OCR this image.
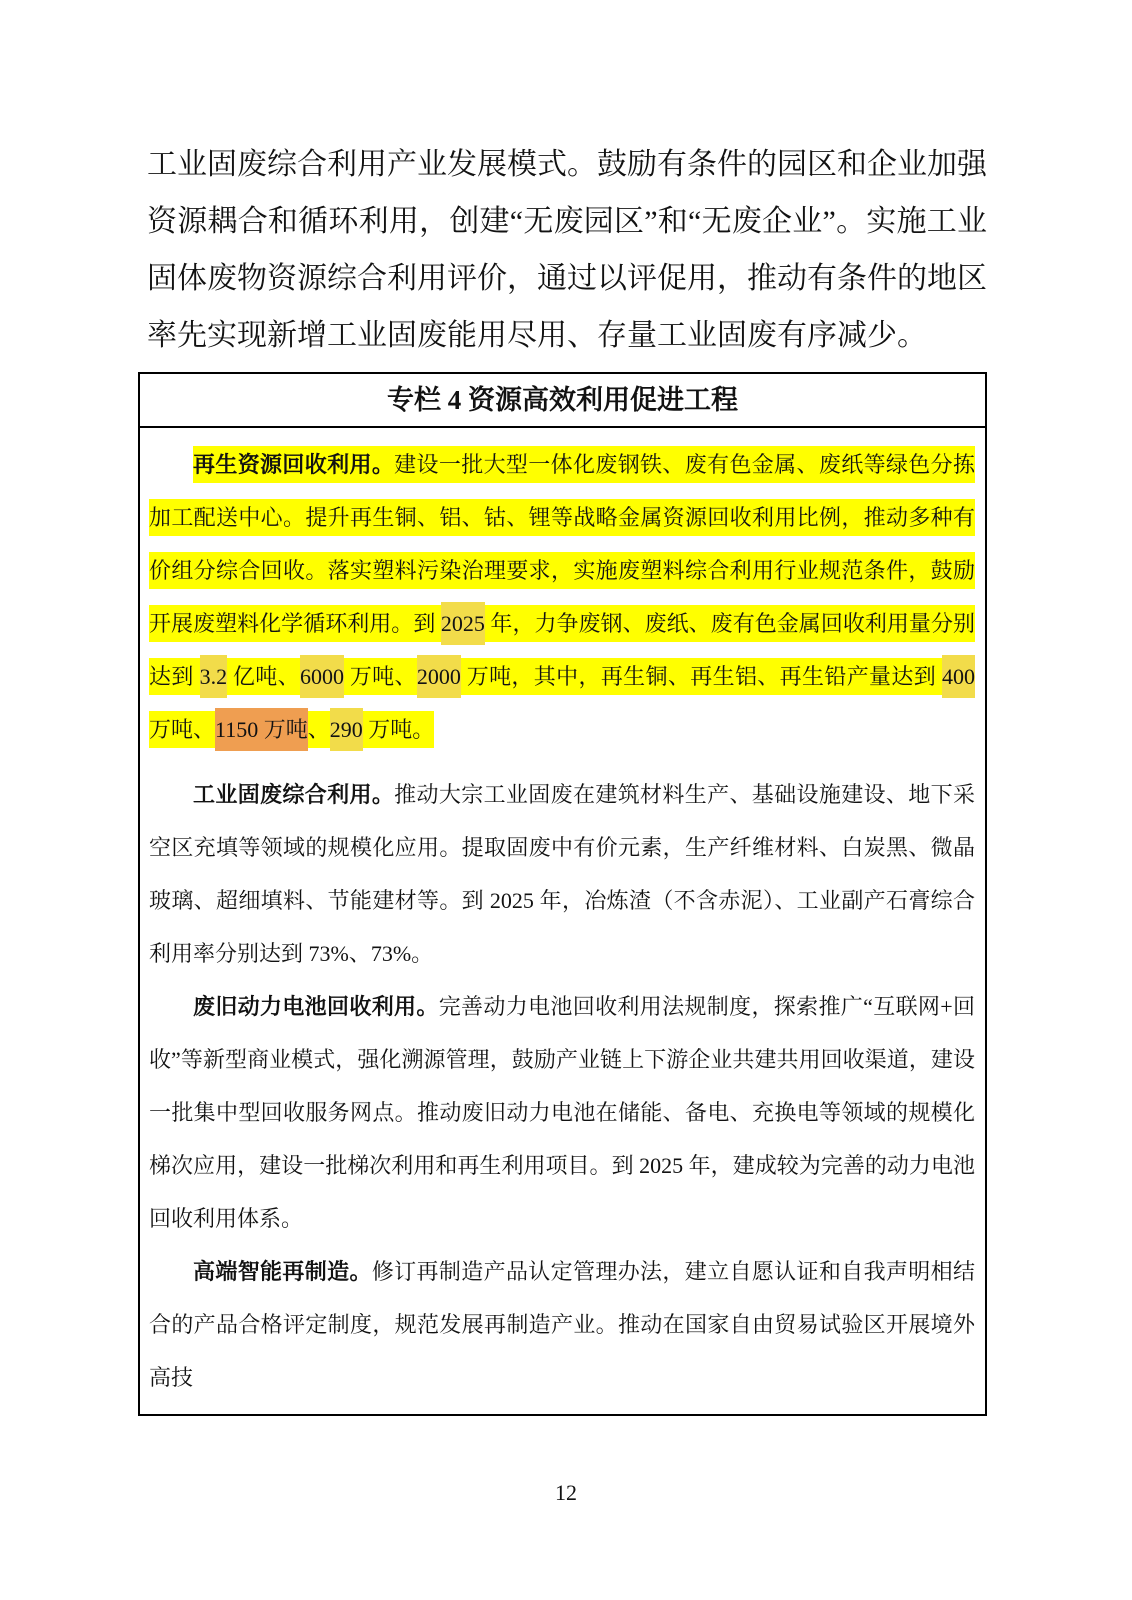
工业固废综合利用产业发展模式。鼓励有条件的园区和企业加强资源耦合和循环利用，创建“无废园区”和“无废企业”。实施工业固体废物资源综合利用评价，通过以评促用，推动有条件的地区率先实现新增工业固废能用尽用、存量工业固废有序减少。

专栏 4 资源高效利用促进工程

再生资源回收利用。建设一批大型一体化废钢铁、废有色金属、废纸等绿色分拣加工配送中心。提升再生铜、铝、钴、锂等战略金属资源回收利用比例，推动多种有价组分综合回收。落实塑料污染治理要求，实施废塑料综合利用行业规范条件，鼓励开展废塑料化学循环利用。到 2025 年，力争废钢、废纸、废有色金属回收利用量分别达到 3.2 亿吨、6000 万吨、2000 万吨，其中，再生铜、再生铝、再生铅产量达到 400 万吨、1150 万吨、290 万吨。

工业固废综合利用。推动大宗工业固废在建筑材料生产、基础设施建设、地下采空区充填等领域的规模化应用。提取固废中有价元素，生产纤维材料、白炭黑、微晶玻璃、超细填料、节能建材等。到 2025 年，冶炼渣（不含赤泥）、工业副产石膏综合利用率分别达到 73%、73%。

废旧动力电池回收利用。完善动力电池回收利用法规制度，探索推广“互联网+回收”等新型商业模式，强化溯源管理，鼓励产业链上下游企业共建共用回收渠道，建设一批集中型回收服务网点。推动废旧动力电池在储能、备电、充换电等领域的规模化梯次应用，建设一批梯次利用和再生利用项目。到 2025 年，建成较为完善的动力电池回收利用体系。

高端智能再制造。修订再制造产品认定管理办法，建立自愿认证和自我声明相结合的产品合格评定制度，规范发展再制造产业。推动在国家自由贸易试验区开展境外高技

12
